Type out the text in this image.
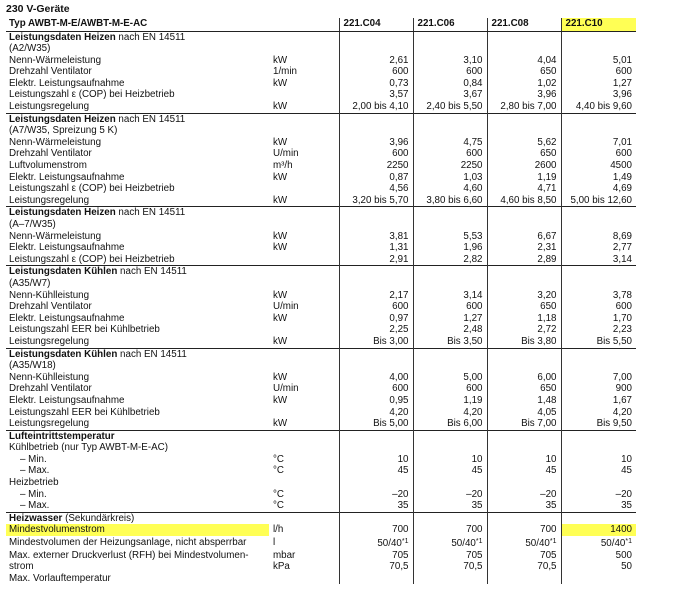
230 V-Geräte
Typ AWBT-M-E/AWBT-M-E-AC		221.C04	221.C06	221.C08	221.C10
Leistungsdaten Heizen nach EN 14511					
(A2/W35)					
Nenn-Wärmeleistung	kW	2,61	3,10	4,04	5,01
Drehzahl Ventilator	1/min	600	600	650	600
Elektr. Leistungsaufnahme	kW	0,73	0,84	1,02	1,27
Leistungszahl ε (COP) bei Heizbetrieb		3,57	3,67	3,96	3,96
Leistungsregelung	kW	2,00 bis 4,10	2,40 bis 5,50	2,80 bis 7,00	4,40 bis 9,60
Leistungsdaten Heizen nach EN 14511					
(A7/W35, Spreizung 5 K)					
Nenn-Wärmeleistung	kW	3,96	4,75	5,62	7,01
Drehzahl Ventilator	U/min	600	600	650	600
Luftvolumenstrom	m³/h	2250	2250	2600	4500
Elektr. Leistungsaufnahme	kW	0,87	1,03	1,19	1,49
Leistungszahl ε (COP) bei Heizbetrieb		4,56	4,60	4,71	4,69
Leistungsregelung	kW	3,20 bis 5,70	3,80 bis 6,60	4,60 bis 8,50	5,00 bis 12,60
Leistungsdaten Heizen nach EN 14511					
(A–7/W35)					
Nenn-Wärmeleistung	kW	3,81	5,53	6,67	8,69
Elektr. Leistungsaufnahme	kW	1,31	1,96	2,31	2,77
Leistungszahl ε (COP) bei Heizbetrieb		2,91	2,82	2,89	3,14
Leistungsdaten Kühlen nach EN 14511					
(A35/W7)					
Nenn-Kühlleistung	kW	2,17	3,14	3,20	3,78
Drehzahl Ventilator	U/min	600	600	650	600
Elektr. Leistungsaufnahme	kW	0,97	1,27	1,18	1,70
Leistungszahl EER bei Kühlbetrieb		2,25	2,48	2,72	2,23
Leistungsregelung	kW	Bis 3,00	Bis 3,50	Bis 3,80	Bis 5,50
Leistungsdaten Kühlen nach EN 14511					
(A35/W18)					
Nenn-Kühlleistung	kW	4,00	5,00	6,00	7,00
Drehzahl Ventilator	U/min	600	600	650	900
Elektr. Leistungsaufnahme	kW	0,95	1,19	1,48	1,67
Leistungszahl EER bei Kühlbetrieb		4,20	4,20	4,05	4,20
Leistungsregelung	kW	Bis 5,00	Bis 6,00	Bis 7,00	Bis 9,50
Lufteintrittstemperatur					
Kühlbetrieb (nur Typ AWBT-M-E-AC)					
– Min.	°C	10	10	10	10
– Max.	°C	45	45	45	45
Heizbetrieb					
– Min.	°C	–20	–20	–20	–20
– Max.	°C	35	35	35	35
Heizwasser (Sekundärkreis)					
Mindestvolumenstrom	l/h	700	700	700	1400
Mindestvolumen der Heizungsanlage, nicht absperrbar	l	50/40$^{*1}$	50/40$^{*1}$	50/40$^{*1}$	50/40$^{*1}$
Max. externer Druckverlust (RFH) bei Mindestvolumen-	mbar	705	705	705	500
strom	kPa	70,5	70,5	70,5	50
Max. Vorlauftemperatur					
